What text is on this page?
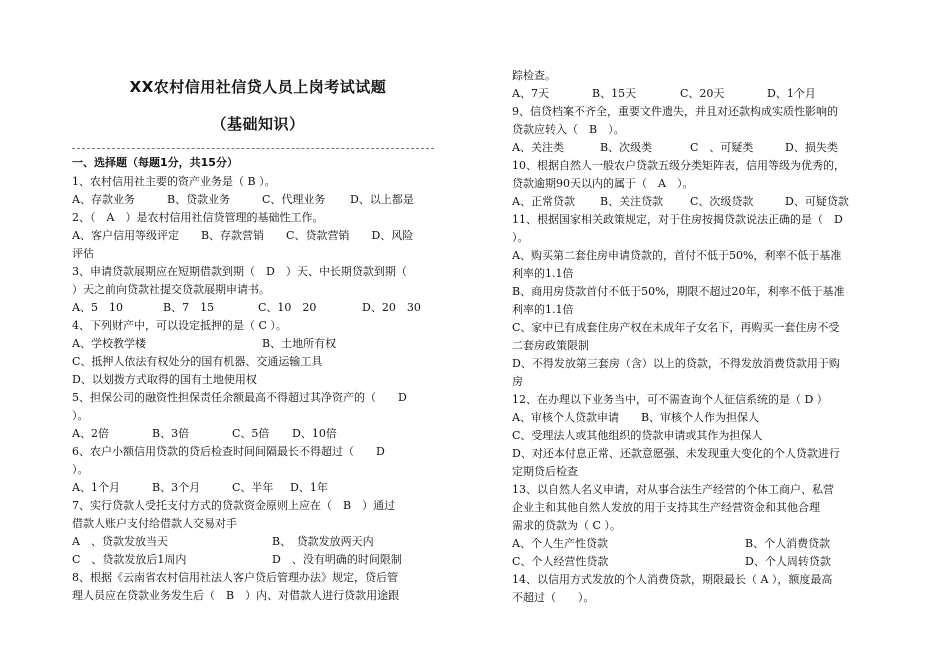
XX农村信用社信贷人员上岗考试试题
（基础知识）
一、选择题（每题1分，共15分）
1、农村信用社主要的资产业务是（ B ）。
A、存款业务	B、贷款业务	C、代理业务 D、以上都是
2、（　A　）是农村信用社信贷管理的基础性工作。
A、客户信用等级评定　　B、存款营销　　C、贷款营销　　D、风险
评估
3、申请贷款展期应在短期借款到期（　D　）天、中长期贷款到期（
）天之前向贷款社提交贷款展期申请书。
A、5　10	B、7　15	C、10　20	D、20　30
4、下列财产中，可以设定抵押的是（ C ）。
A、学校教学楼	B、土地所有权
C、抵押人依法有权处分的国有机器、交通运输工具
D、以划拨方式取得的国有土地使用权
5、担保公司的融资性担保责任余额最高不得超过其净资产的（　　D
）。
A、2倍	B、3倍	C、5倍 D、10倍
6、农户小额信用贷款的贷后检查时间间隔最长不得超过（　　D
）。
A、1个月	B、3个月	C、半年 D、1年
7、实行贷款人受托支付方式的贷款资金原则上应在（　B　）通过
借款人账户支付给借款人交易对手
A　、贷款发放当天	B、　贷款发放两天内
C　、贷款发放后1周内	D　、没有明确的时间限制
8、根据《云南省农村信用社法人客户贷后管理办法》规定，贷后管
理人员应在贷款业务发生后（　B　）内、对借款人进行贷款用途跟
踪检查。
A、7天	B、15天	C、20天	D、1个月
9、信贷档案不齐全，重要文件遗失，并且对还款构成实质性影响的
贷款应转入（　B　）。
A、关注类	B、次级类	C　、可疑类	D、损失类
10、根据自然人一般农户贷款五级分类矩阵表，信用等级为优秀的，
贷款逾期90天以内的属于（　A　）。
A、正常贷款 B、关注贷款 C、次级贷款	D、可疑贷款
11、根据国家相关政策规定，对于住房按揭贷款说法正确的是（　D
）。
A、购买第二套住房申请贷款的，首付不低于50%，利率不低于基准
利率的1.1倍
B、商用房贷款首付不低于50%，期限不超过20年，利率不低于基准
利率的1.1倍
C、家中已有成套住房产权在未成年子女名下，再购买一套住房不受
二套房政策限制
D、不得发放第三套房（含）以上的贷款，不得发放消费贷款用于购
房
12、在办理以下业务当中，可不需查询个人征信系统的是（ D ）
A、审核个人贷款申请　　B、审核个人作为担保人
C、受理法人或其他组织的贷款申请或其作为担保人
D、对还本付息正常、还款意愿强、未发现重大变化的个人贷款进行
定期贷后检查
13、以自然人名义申请，对从事合法生产经营的个体工商户、私营
企业主和其他自然人发放的用于支持其生产经营资金和其他合理
需求的贷款为（ C ）。
A、个人生产性贷款	B、个人消费贷款
C、个人经营性贷款	D、个人周转贷款
14、以信用方式发放的个人消费贷款，期限最长（ A ），额度最高
不超过（　　）。
